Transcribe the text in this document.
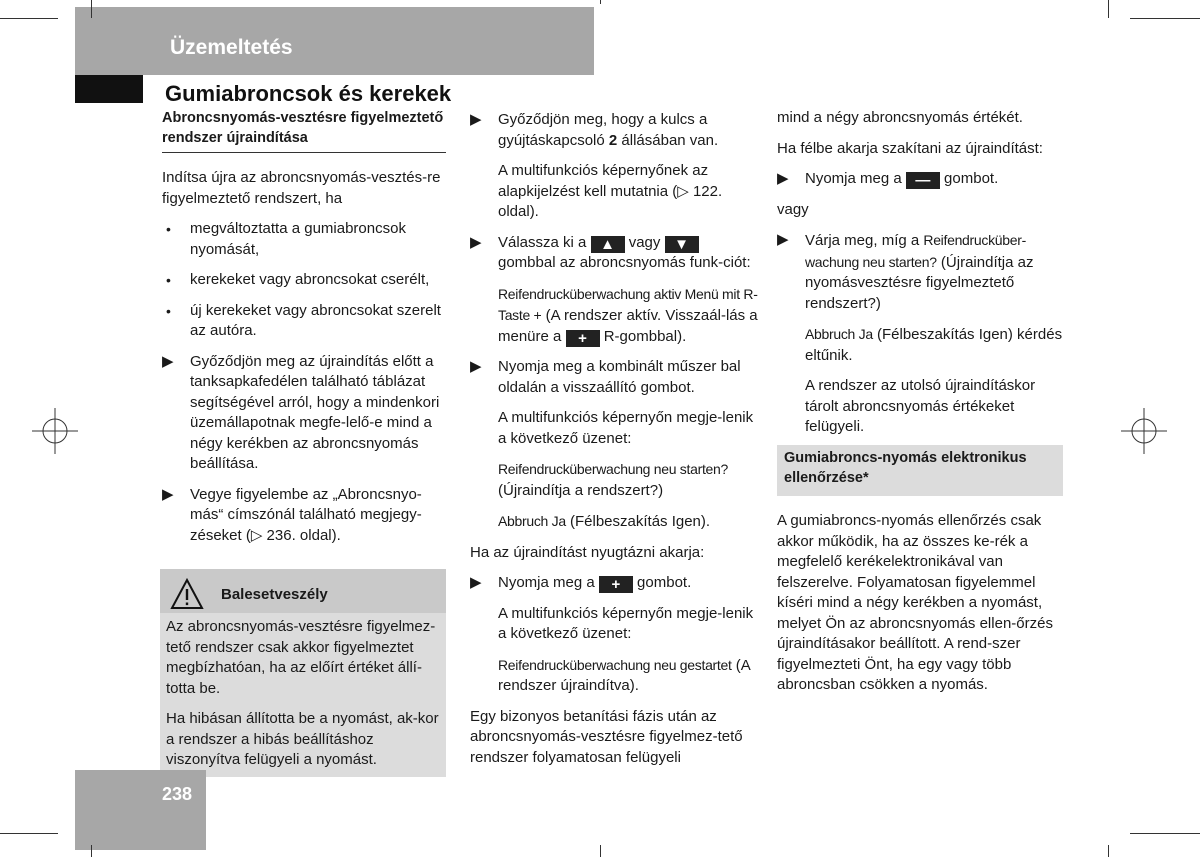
Üzemeltetés
Gumiabroncsok és kerekek
Abroncsnyomás-vesztésre figyelmeztető rendszer újraindítása

Indítsa újra az abroncsnyomás-vesztés-re figyelmeztető rendszert, ha

• megváltoztatta a gumiabroncsok nyomását,
• kerekeket vagy abroncsokat cserélt,
• új kerekeket vagy abroncsokat szerelt az autóra.
▶ Győződjön meg az újraindítás előtt a tanksapkafedélen található táblázat segítségével arról, hogy a mindenkori üzemállapotnak megfe-lelő-e mind a négy kerékben az abroncsnyomás beállítása.
▶ Vegye figyelembe az „Abroncsnyo-más“ címszónál található megjegy-zéseket (▷ 236. oldal).
Balesetveszély

Az abroncsnyomás-vesztésre figyelmez-tető rendszer csak akkor figyelmeztet megbízhatóan, ha az előírt értéket állí-totta be.

Ha hibásan állította be a nyomást, ak-kor a rendszer a hibás beállításhoz viszonyítva felügyeli a nyomást.

▶ Győződjön meg, hogy a kulcs a gyújtáskapcsoló 2 állásában van.
A multifunkciós képernyőnek az alapkijelzést kell mutatnia (▷ 122. oldal).
▶ Válassza ki a ▲ vagy ▼ gombbal az abroncsnyomás funk-ciót:
Reifendrucküberwachung aktiv Menü mit R-Taste + (A rendszer aktív. Visszaál-lás a menüre a + R-gombbal).
▶ Nyomja meg a kombinált műszer bal oldalán a visszaállító gombot.
A multifunkciós képernyőn megje-lenik a következő üzenet:
Reifendrucküberwachung neu starten? (Újraindítja a rendszert?)
Abbruch Ja (Félbeszakítás Igen).

Ha az újraindítást nyugtázni akarja:

▶ Nyomja meg a + gombot.
A multifunkciós képernyőn megje-lenik a következő üzenet:
Reifendrucküberwachung neu gestartet (A rendszer újraindítva).

Egy bizonyos betanítási fázis után az abroncsnyomás-vesztésre figyelmez-tető rendszer folyamatosan felügyeli

mind a négy abroncsnyomás értékét.

Ha félbe akarja szakítani az újraindítást:

▶ Nyomja meg a — gombot.

vagy

▶ Várja meg, míg a Reifendrucküber-wachung neu starten? (Újraindítja az nyomásvesztésre figyelmeztető rendszert?)
Abbruch Ja (Félbeszakítás Igen) kérdés eltűnik.
A rendszer az utolsó újraindításkor tárolt abroncsnyomás értékeket felügyeli.
Gumiabroncs-nyomás elektronikus ellenőrzése*

A gumiabroncs-nyomás ellenőrzés csak akkor működik, ha az összes ke-rék a megfelelő kerékelektronikával van felszerelve. Folyamatosan figyelemmel kíséri mind a négy kerékben a nyomást, melyet Ön az abroncsnyomás ellen-őrzés újraindításakor beállított. A rend-szer figyelmezteti Önt, ha egy vagy több abroncsban csökken a nyomás.

238
